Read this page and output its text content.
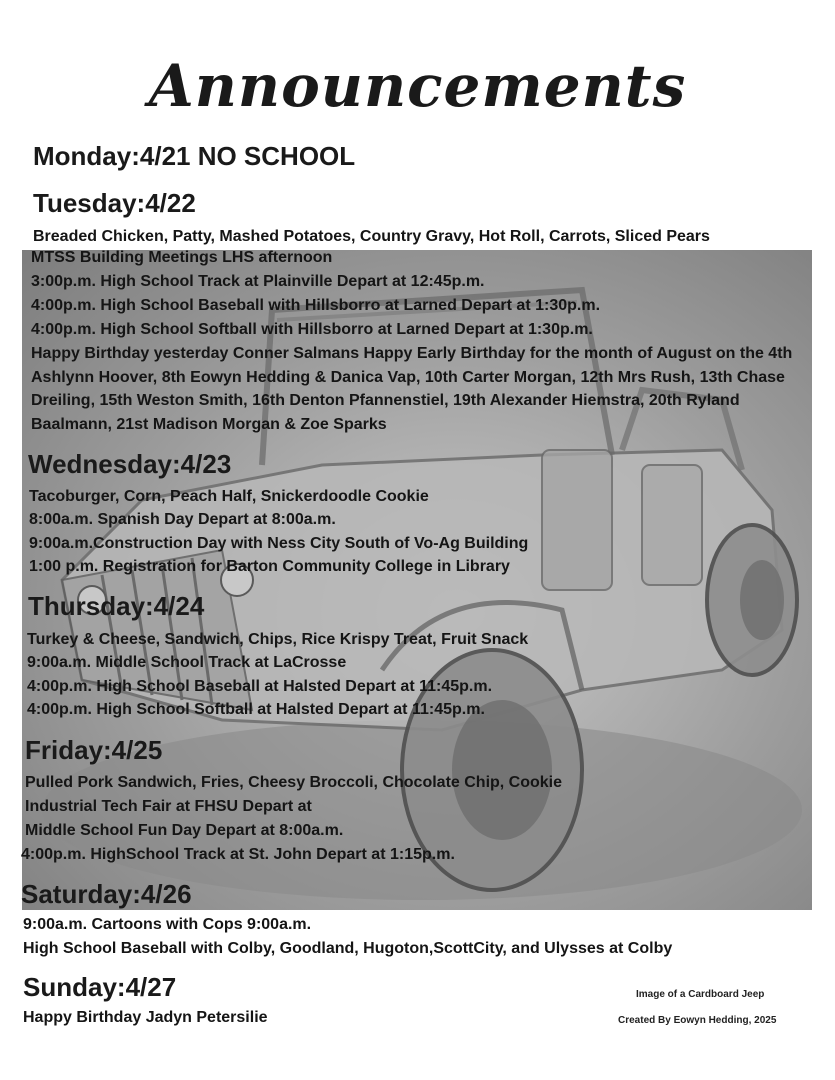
Announcements
Monday:4/21 NO SCHOOL
Tuesday:4/22
Breaded Chicken, Patty, Mashed Potatoes, Country Gravy, Hot Roll, Carrots, Sliced Pears
MTSS Building Meetings LHS afternoon
3:00p.m. High School Track at Plainville Depart at 12:45p.m.
4:00p.m. High School Baseball with Hillsborro at Larned Depart at 1:30p.m.
4:00p.m. High School Softball with Hillsborro at Larned Depart at 1:30p.m.
Happy Birthday yesterday Conner Salmans Happy Early Birthday for the month of August on the 4th Ashlynn Hoover, 8th Eowyn Hedding & Danica Vap, 10th Carter Morgan, 12th Mrs Rush, 13th Chase Dreiling, 15th Weston Smith, 16th Denton Pfannenstiel, 19th Alexander Hiemstra, 20th Ryland Baalmann, 21st Madison Morgan & Zoe Sparks
Wednesday:4/23
Tacoburger, Corn, Peach Half, Snickerdoodle Cookie
8:00a.m. Spanish Day Depart at 8:00a.m.
9:00a.m.Construction Day with Ness City South of Vo-Ag Building
1:00 p.m. Registration for Barton Community College in Library
Thursday:4/24
Turkey & Cheese, Sandwich, Chips, Rice Krispy Treat, Fruit Snack
9:00a.m. Middle School Track at LaCrosse
4:00p.m. High School Baseball at Halsted Depart at 11:45p.m.
4:00p.m. High School Softball at Halsted Depart at 11:45p.m.
Friday:4/25
Pulled Pork Sandwich, Fries, Cheesy Broccoli, Chocolate Chip, Cookie
Industrial Tech Fair at FHSU Depart at
Middle School Fun Day Depart at 8:00a.m.
4:00p.m. HighSchool Track at St. John Depart at 1:15p.m.
Saturday:4/26
9:00a.m. Cartoons with Cops 9:00a.m.
High School Baseball with Colby, Goodland, Hugoton,ScottCity, and Ulysses at Colby
Sunday:4/27
Happy Birthday Jadyn Petersilie
Image of a Cardboard Jeep
Created By Eowyn Hedding, 2025
